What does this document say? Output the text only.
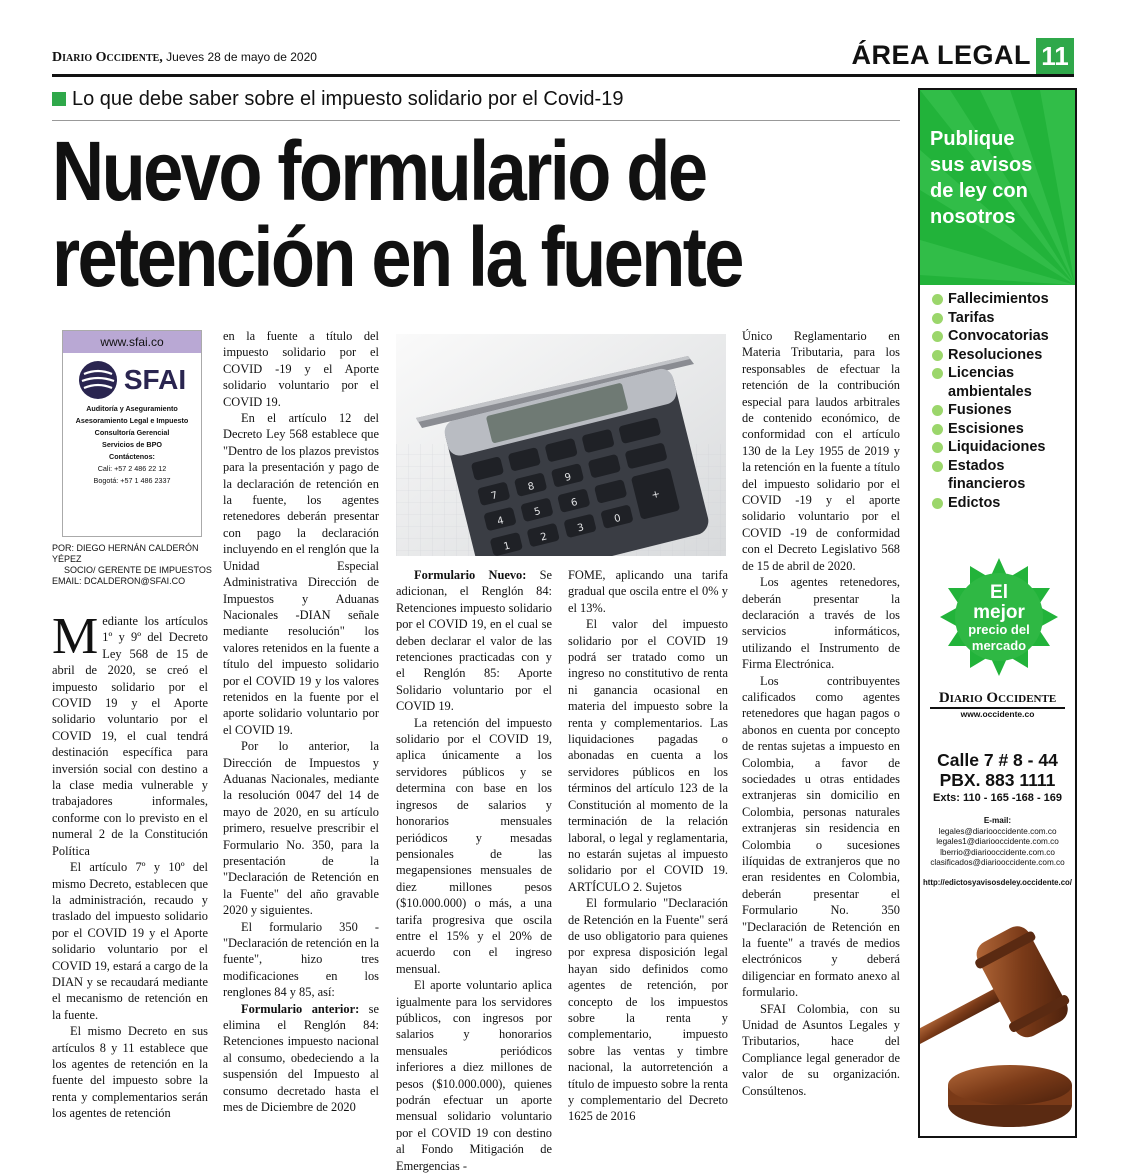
Diario Occidente, Jueves 28 de mayo de 2020	ÁREA LEGAL 11
Lo que debe saber sobre el impuesto solidario por el Covid-19
Nuevo formulario de
retención en la fuente
www.sfai.co
SFAI
Auditoría y Aseguramiento
Asesoramiento Legal e Impuesto
Consultoría Gerencial
Servicios de BPO
Contáctenos:
Cali: +57 2 486 22 12
Bogotá: +57 1 486 2337
POR: DIEGO HERNÁN CALDERÓN YÉPEZ
SOCIO/ GERENTE DE IMPUESTOS
EMAIL: DCALDERON@SFAI.CO

Mediante los artículos 1º y 9º del Decreto Ley 568 de 15 de abril de 2020, se creó el impuesto solidario por el COVID 19 y el Aporte solidario voluntario por el COVID 19, el cual tendrá destinación específica para inversión social con destino a la clase media vulnerable y trabajadores informales, conforme con lo previsto en el numeral 2 de la Constitución Política

El artículo 7º y 10º del mismo Decreto, establecen que la administración, recaudo y traslado del impuesto solidario por el COVID 19 y el Aporte solidario voluntario por el COVID 19, estará a cargo de la DIAN y se recaudará mediante el mecanismo de retención en la fuente.

El mismo Decreto en sus artículos 8 y 11 establece que los agentes de retención en la fuente del impuesto sobre la renta y complementarios serán los agentes de retención

en la fuente a título del impuesto solidario por el COVID -19 y el Aporte solidario voluntario por el COVID 19.

En el artículo 12 del Decreto Ley 568 establece que "Dentro de los plazos previstos para la presentación y pago de la declaración de retención en la fuente, los agentes retenedores deberán presentar con pago la declaración incluyendo en el renglón que la Unidad Especial Administrativa Dirección de Impuestos y Aduanas Nacionales -DIAN señale mediante resolución" los valores retenidos en la fuente a título del impuesto solidario por el COVID 19 y los valores retenidos en la fuente por el aporte solidario voluntario por el COVID 19.

Por lo anterior, la Dirección de Impuestos y Aduanas Nacionales, mediante la resolución 0047 del 14 de mayo de 2020, en su artículo primero, resuelve prescribir el Formulario No. 350, para la presentación de la "Declaración de Retención en la Fuente" del año gravable 2020 y siguientes.

El formulario 350 - "Declaración de retención en la fuente", hizo tres modificaciones en los renglones 84 y 85, así:

Formulario anterior: se elimina el Renglón 84: Retenciones impuesto nacional al consumo, obedeciendo a la suspensión del Impuesto al consumo decretado hasta el mes de Diciembre de 2020

7
8
9
4
5
6
1
2
3
0
+

Formulario Nuevo: Se adicionan, el Renglón 84: Retenciones impuesto solidario por el COVID 19, en el cual se deben declarar el valor de las retenciones practicadas con y el Renglón 85: Aporte Solidario voluntario por el COVID 19.

La retención del impuesto solidario por el COVID 19, aplica únicamente a los servidores públicos y se determina con base en los ingresos de salarios y honorarios mensuales periódicos y mesadas pensionales de las megapensiones mensuales de diez millones pesos ($10.000.000) o más, a una tarifa progresiva que oscila entre el 15% y el 20% de acuerdo con el ingreso mensual.

El aporte voluntario aplica igualmente para los servidores públicos, con ingresos por salarios y honorarios mensuales periódicos inferiores a diez millones de pesos ($10.000.000), quienes podrán efectuar un aporte mensual solidario voluntario por el COVID 19 con destino al Fondo Mitigación de Emergencias -

FOME, aplicando una tarifa gradual que oscila entre el 0% y el 13%.

El valor del impuesto solidario por el COVID 19 podrá ser tratado como un ingreso no constitutivo de renta ni ganancia ocasional en materia del impuesto sobre la renta y complementarios. Las liquidaciones pagadas o abonadas en cuenta a los servidores públicos en los términos del artículo 123 de la Constitución al momento de la terminación de la relación laboral, o legal y reglamentaria, no estarán sujetas al impuesto solidario por el COVID 19. ARTÍCULO 2. Sujetos

El formulario "Declaración de Retención en la Fuente" será de uso obligatorio para quienes por expresa disposición legal hayan sido definidos como agentes de retención, por concepto de los impuestos sobre la renta y complementario, impuesto sobre las ventas y timbre nacional, la autorretención a título de impuesto sobre la renta y complementario del Decreto 1625 de 2016

Único Reglamentario en Materia Tributaria, para los responsables de efectuar la retención de la contribución especial para laudos arbitrales de contenido económico, de conformidad con el artículo 130 de la Ley 1955 de 2019 y la retención en la fuente a título del impuesto solidario por el COVID -19 y el aporte solidario voluntario por el COVID -19 de conformidad con el Decreto Legislativo 568 de 15 de abril de 2020.

Los agentes retenedores, deberán presentar la declaración a través de los servicios informáticos, utilizando el Instrumento de Firma Electrónica.

Los contribuyentes calificados como agentes retenedores que hagan pagos o abonos en cuenta por concepto de rentas sujetas a impuesto en Colombia, a favor de sociedades u otras entidades extranjeras sin domicilio en Colombia, personas naturales extranjeras sin residencia en Colombia o sucesiones ilíquidas de extranjeros que no eran residentes en Colombia, deberán presentar el Formulario No. 350 "Declaración de Retención en la fuente" a través de medios electrónicos y deberá diligenciar en formato anexo al formulario.

SFAI Colombia, con su Unidad de Asuntos Legales y Tributarios, hace del Compliance legal generador de valor de su organización. Consúltenos.

Publique
sus avisos
de ley con
nosotros
Fallecimientos
Tarifas
Convocatorias
Resoluciones
Licencias ambientales
Fusiones
Escisiones
Liquidaciones
Estados financieros
Edictos
El
mejor
precio del
mercado
Diario Occidente
www.occidente.co
Calle 7 # 8 - 44
PBX. 883 1111
Exts: 110 - 165 -168 - 169
E-mail:
legales@diariooccidente.com.co
legales1@diariooccidente.com.co
lberrio@diariooccidente.com.co
clasificados@diariooccidente.com.co
http://edictosyavisosdeley.occidente.co/
